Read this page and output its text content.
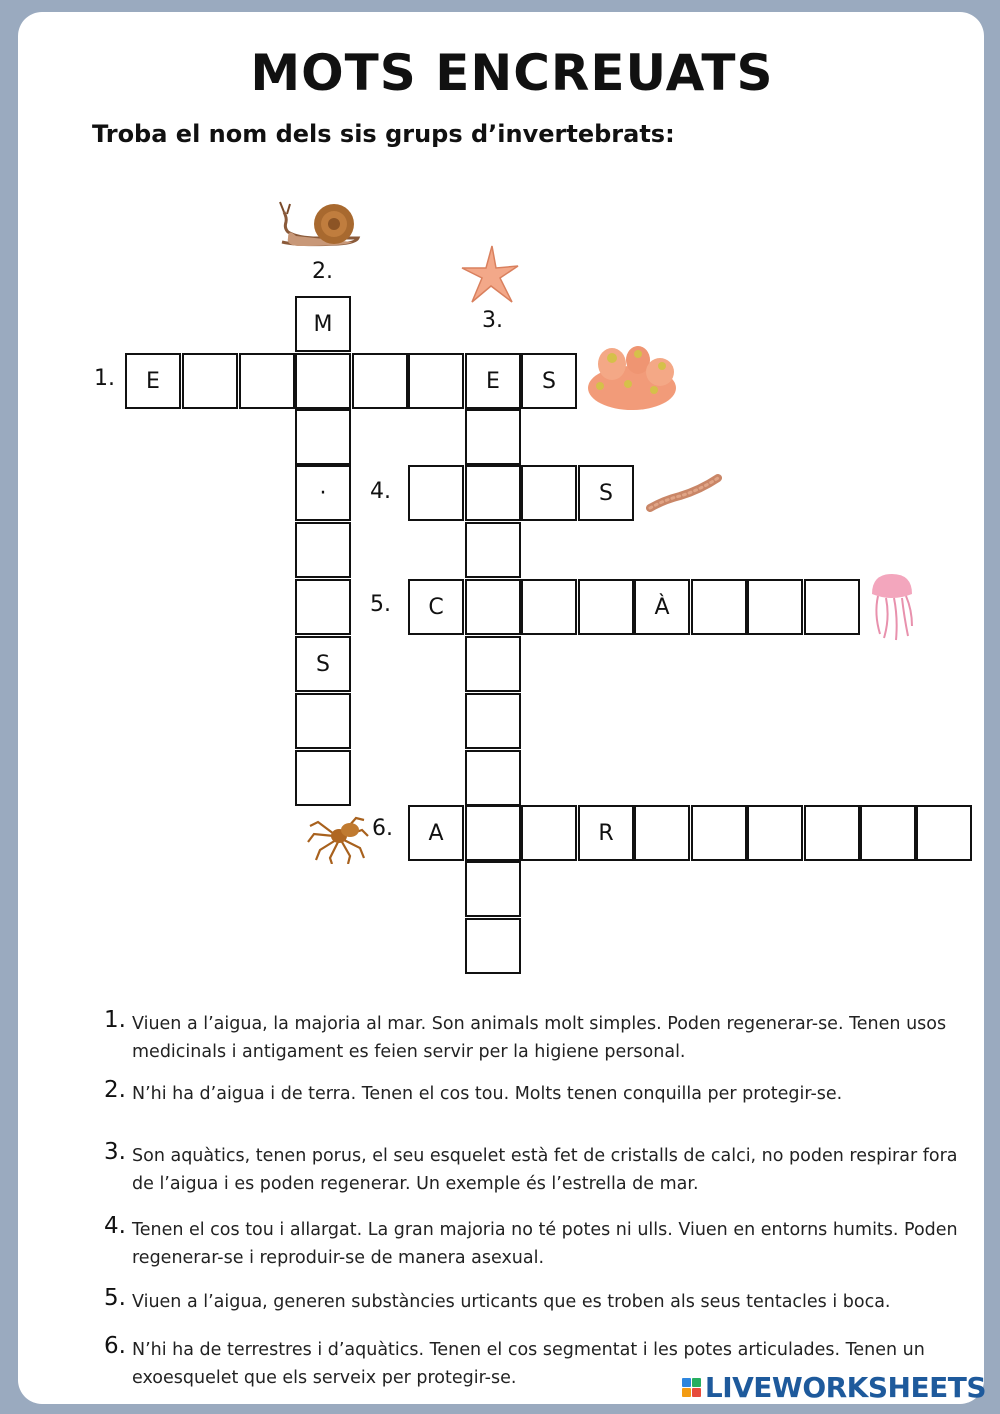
MOTS ENCREUATS
Troba el nom dels sis grups d’invertebrats:
1.
2.
3.
4.
5.
6.
E	E	S
M
·
S
S
C	À
A	R
1. Viuen a l’aigua, la majoria al mar. Son animals molt simples. Poden regenerar-se. Tenen usos medicinals i antigament es feien servir per la higiene personal.
2. N’hi ha d’aigua i de terra. Tenen el cos tou. Molts tenen conquilla per protegir-se.
3. Son aquàtics, tenen porus, el seu esquelet està fet de cristalls de calci, no poden respirar fora de l’aigua i es poden regenerar. Un exemple és l’estrella de mar.
4. Tenen el cos tou i allargat. La gran majoria no té potes ni ulls. Viuen en entorns humits. Poden regenerar-se i reproduir-se de manera asexual.
5. Viuen a l’aigua, generen substàncies urticants que es troben als seus tentacles i boca.
6. N’hi ha de terrestres i d’aquàtics. Tenen el cos segmentat i les potes articulades. Tenen un exoesquelet que els serveix per protegir-se.	LIVEWORKSHEETS
